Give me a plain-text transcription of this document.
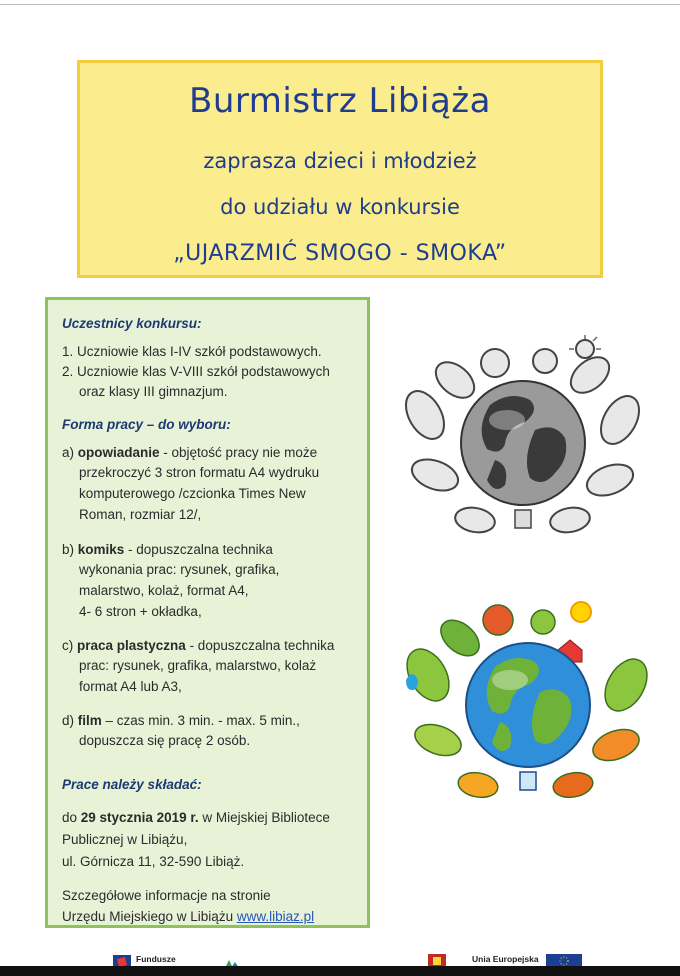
Burmistrz Libiąża
zaprasza dzieci i młodzież
do udziału w konkursie
„UJARZMIĆ SMOGO - SMOKA”
Uczestnicy konkursu:
1. Uczniowie klas I-IV szkół podstawowych.
2. Uczniowie klas V-VIII szkół podstawowych
oraz klasy III gimnazjum.
Forma pracy – do wyboru:
a) opowiadanie - objętość pracy nie może
przekroczyć 3 stron formatu A4 wydruku
komputerowego /czcionka Times New
Roman, rozmiar 12/,
b) komiks - dopuszczalna technika
wykonania prac: rysunek, grafika,
malarstwo, kolaż, format A4,
4- 6 stron + okładka,
c) praca plastyczna - dopuszczalna technika
prac: rysunek, grafika, malarstwo, kolaż
format A4 lub A3,
d) film – czas min. 3 min. - max. 5 min.,
dopuszcza się pracę 2 osób.
Prace należy składać:
do 29 stycznia 2019 r. w Miejskiej Bibliotece
Publicznej w Libiążu,
ul. Górnicza 11, 32-590 Libiąż.
Szczegółowe informacje na stronie
Urzędu Miejskiego w Libiążu www.libiaz.pl
Fundusze	Unia Europejska
